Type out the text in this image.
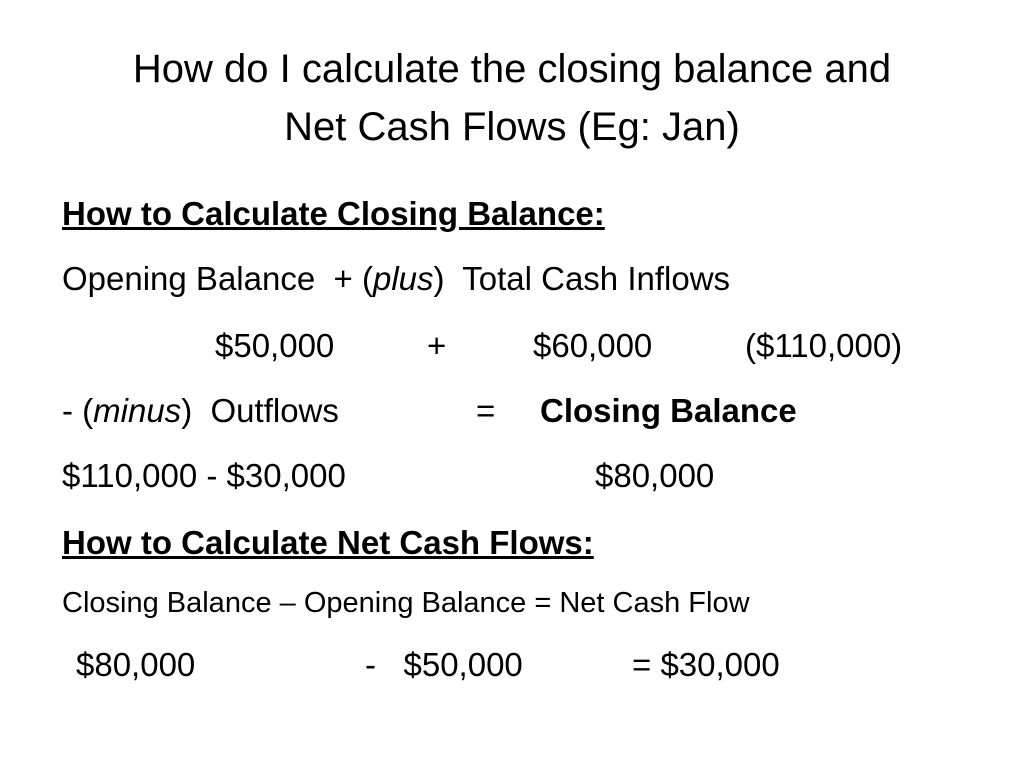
How do I calculate the closing balance and
Net Cash Flows (Eg: Jan)
How to Calculate Closing Balance:
Opening Balance  + (plus)  Total Cash Inflows
$50,000	+	$60,000	($110,000)
- (minus)  Outflows	= Closing Balance
$110,000 - $30,000	$80,000
How to Calculate Net Cash Flows:
Closing Balance – Opening Balance = Net Cash Flow
$80,000	-   $50,000	= $30,000
